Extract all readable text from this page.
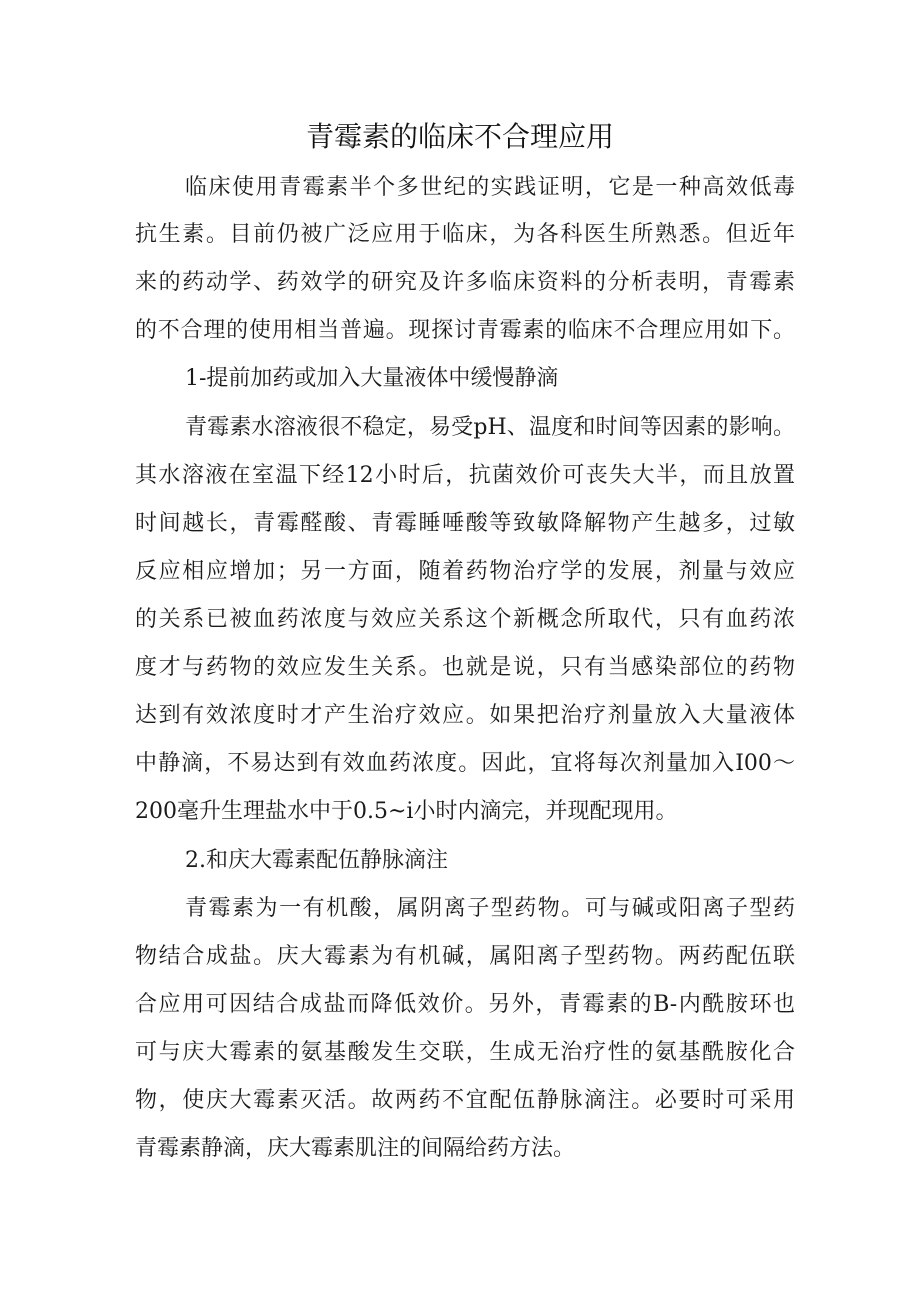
青霉素的临床不合理应用

临床使用青霉素半个多世纪的实践证明，它是一种高效低毒

抗生素。目前仍被广泛应用于临床，为各科医生所熟悉。但近年

来的药动学、药效学的研究及许多临床资料的分析表明，青霉素

的不合理的使用相当普遍。现探讨青霉素的临床不合理应用如下。

1-提前加药或加入大量液体中缓慢静滴

青霉素水溶液很不稳定，易受pH、温度和时间等因素的影响。

其水溶液在室温下经12小时后，抗菌效价可丧失大半，而且放置

时间越长，青霉醛酸、青霉睡唾酸等致敏降解物产生越多，过敏

反应相应增加；另一方面，随着药物治疗学的发展，剂量与效应

的关系已被血药浓度与效应关系这个新概念所取代，只有血药浓

度才与药物的效应发生关系。也就是说，只有当感染部位的药物

达到有效浓度时才产生治疗效应。如果把治疗剂量放入大量液体

中静滴，不易达到有效血药浓度。因此，宜将每次剂量加入I00～

200毫升生理盐水中于0.5~i小时内滴完，并现配现用。

2.和庆大霉素配伍静脉滴注

青霉素为一有机酸，属阴离子型药物。可与碱或阳离子型药

物结合成盐。庆大霉素为有机碱，属阳离子型药物。两药配伍联

合应用可因结合成盐而降低效价。另外，青霉素的B-内酰胺环也

可与庆大霉素的氨基酸发生交联，生成无治疗性的氨基酰胺化合

物，使庆大霉素灭活。故两药不宜配伍静脉滴注。必要时可采用

青霉素静滴，庆大霉素肌注的间隔给药方法。
